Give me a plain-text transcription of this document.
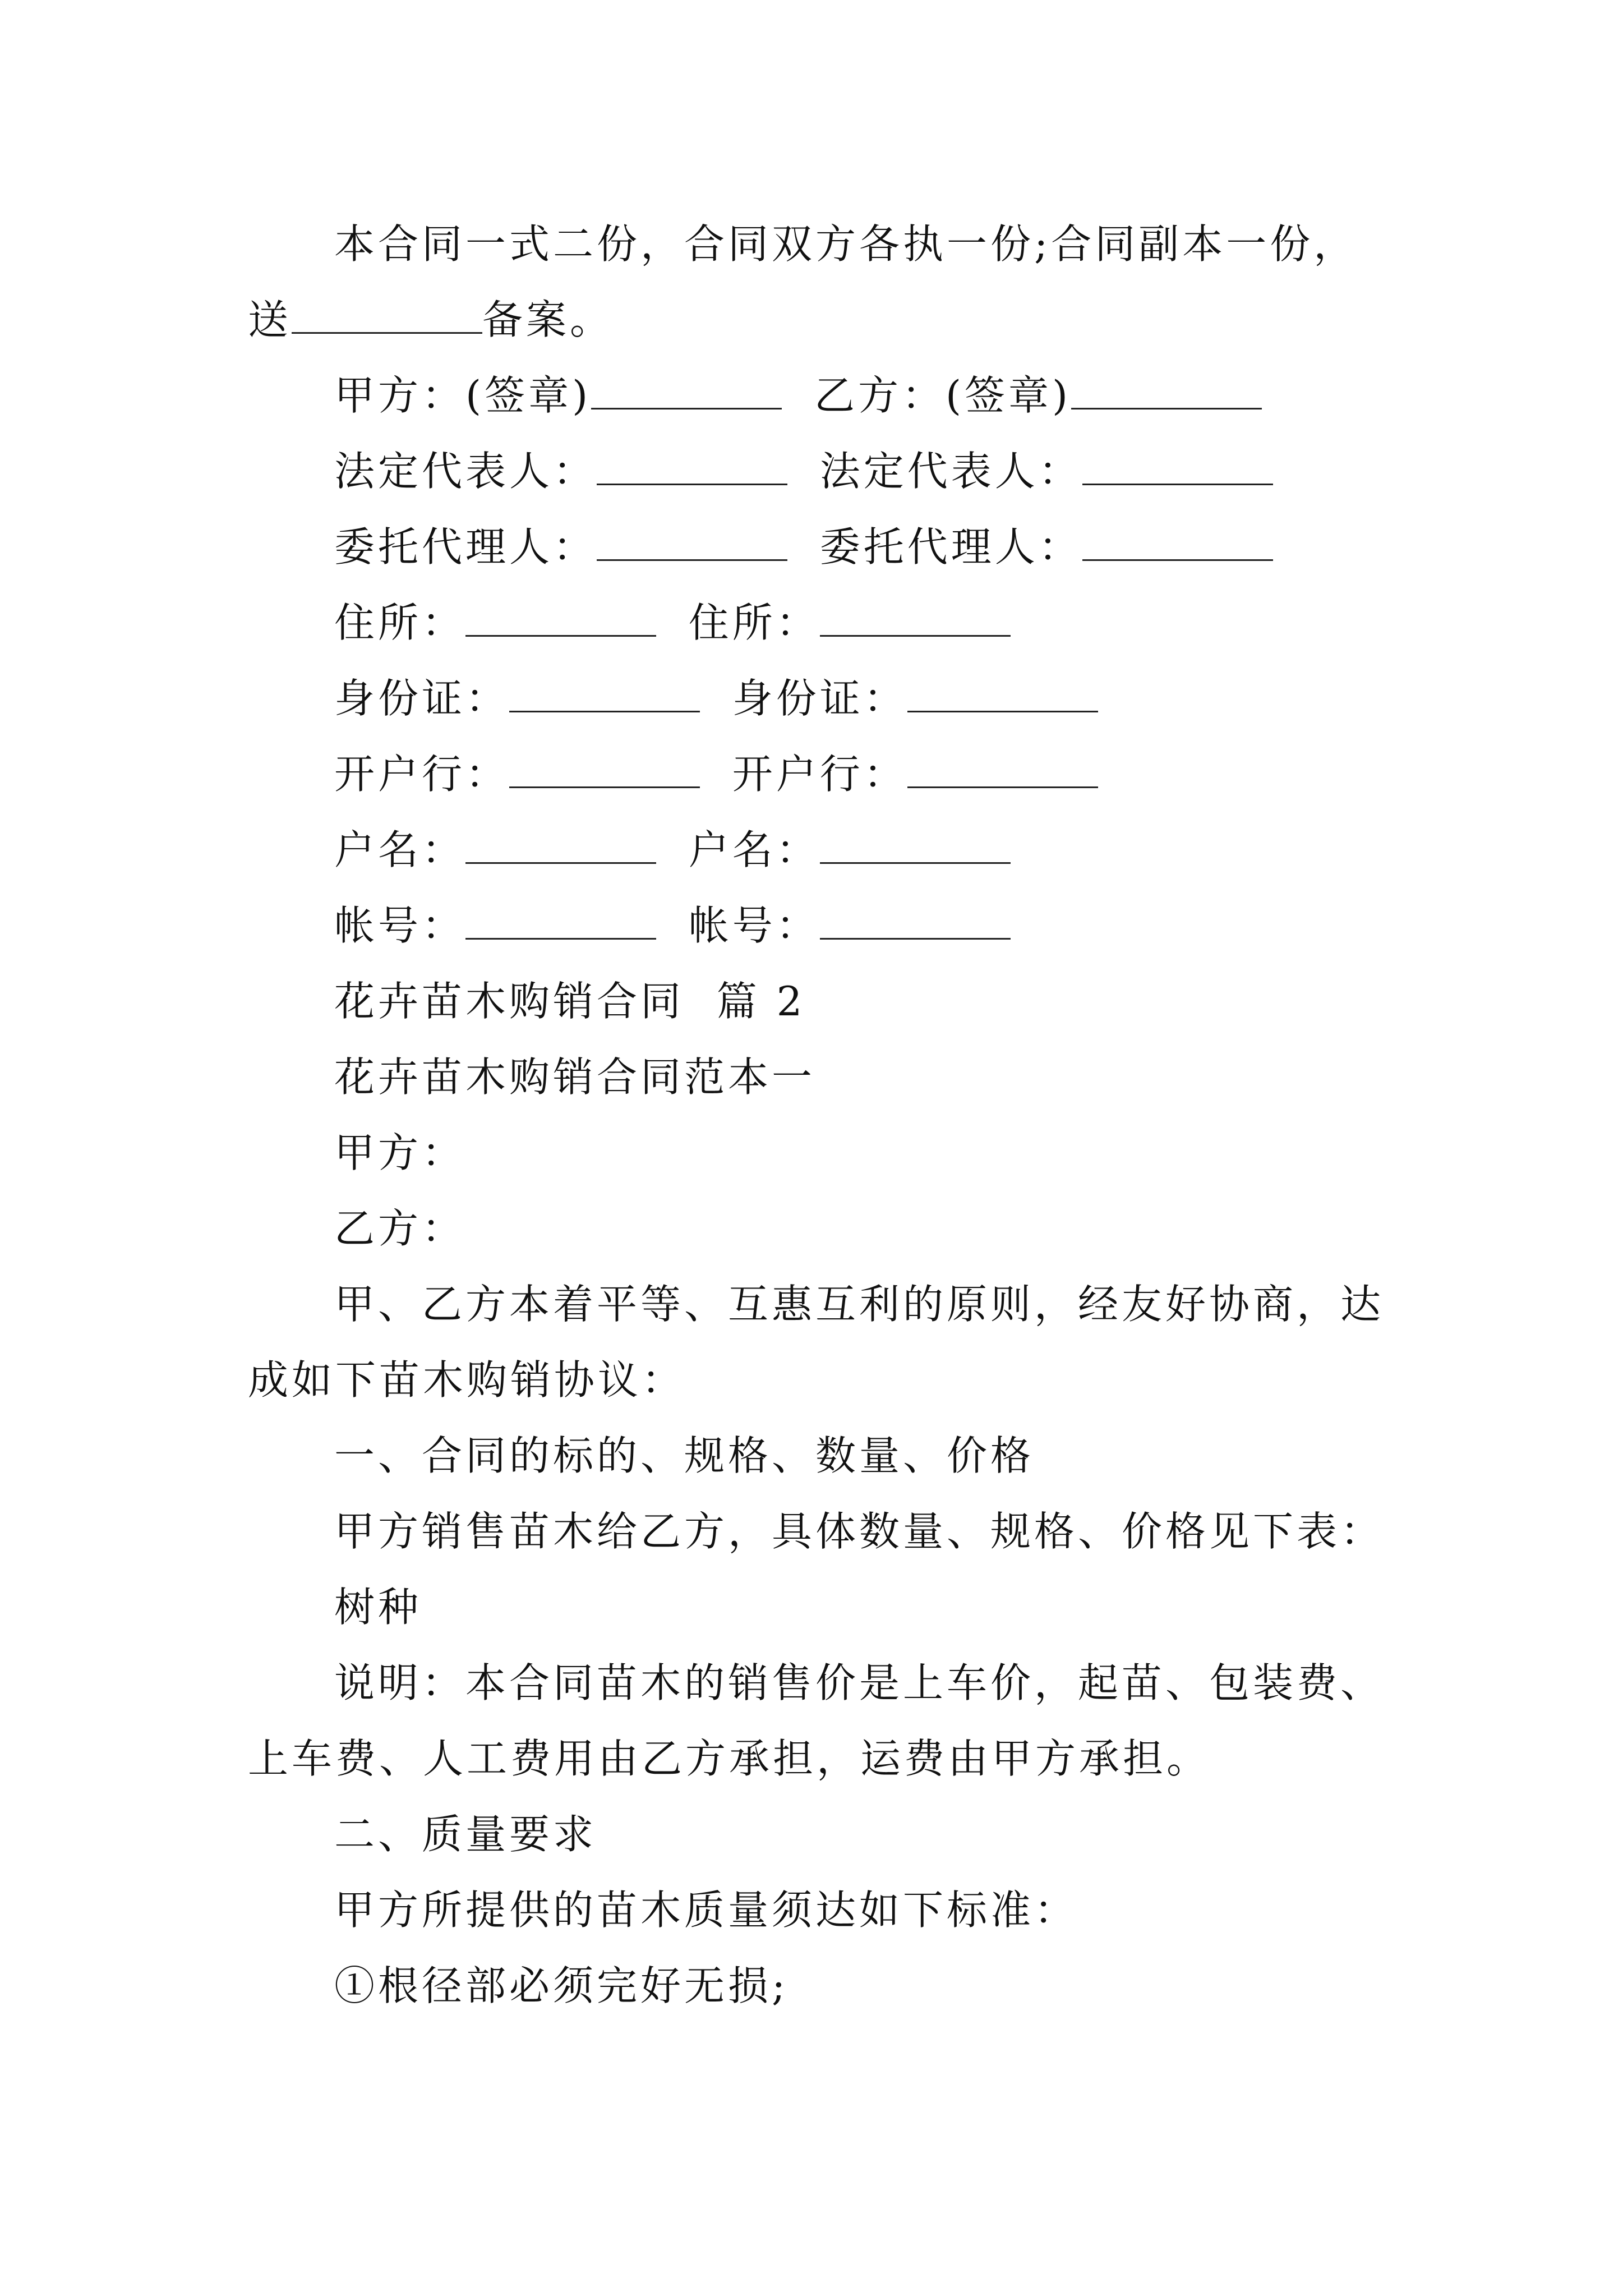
本合同一式二份，合同双方各执一份;合同副本一份，
送	备案。
甲方：(签章)	乙方：(签章)
法定代表人：	法定代表人：
委托代理人：	委托代理人：
住所：	住所：
身份证：	身份证：
开户行：	开户行：
户名：	户名：
帐号：	帐号：
花卉苗木购销合同  篇 2
花卉苗木购销合同范本一
甲方：
乙方：
甲、乙方本着平等、互惠互利的原则，经友好协商，达
成如下苗木购销协议：
一、合同的标的、规格、数量、价格
甲方销售苗木给乙方，具体数量、规格、价格见下表：
树种
说明：本合同苗木的销售价是上车价，起苗、包装费、
上车费、人工费用由乙方承担，运费由甲方承担。
二、质量要求
甲方所提供的苗木质量须达如下标准：
①根径部必须完好无损;
